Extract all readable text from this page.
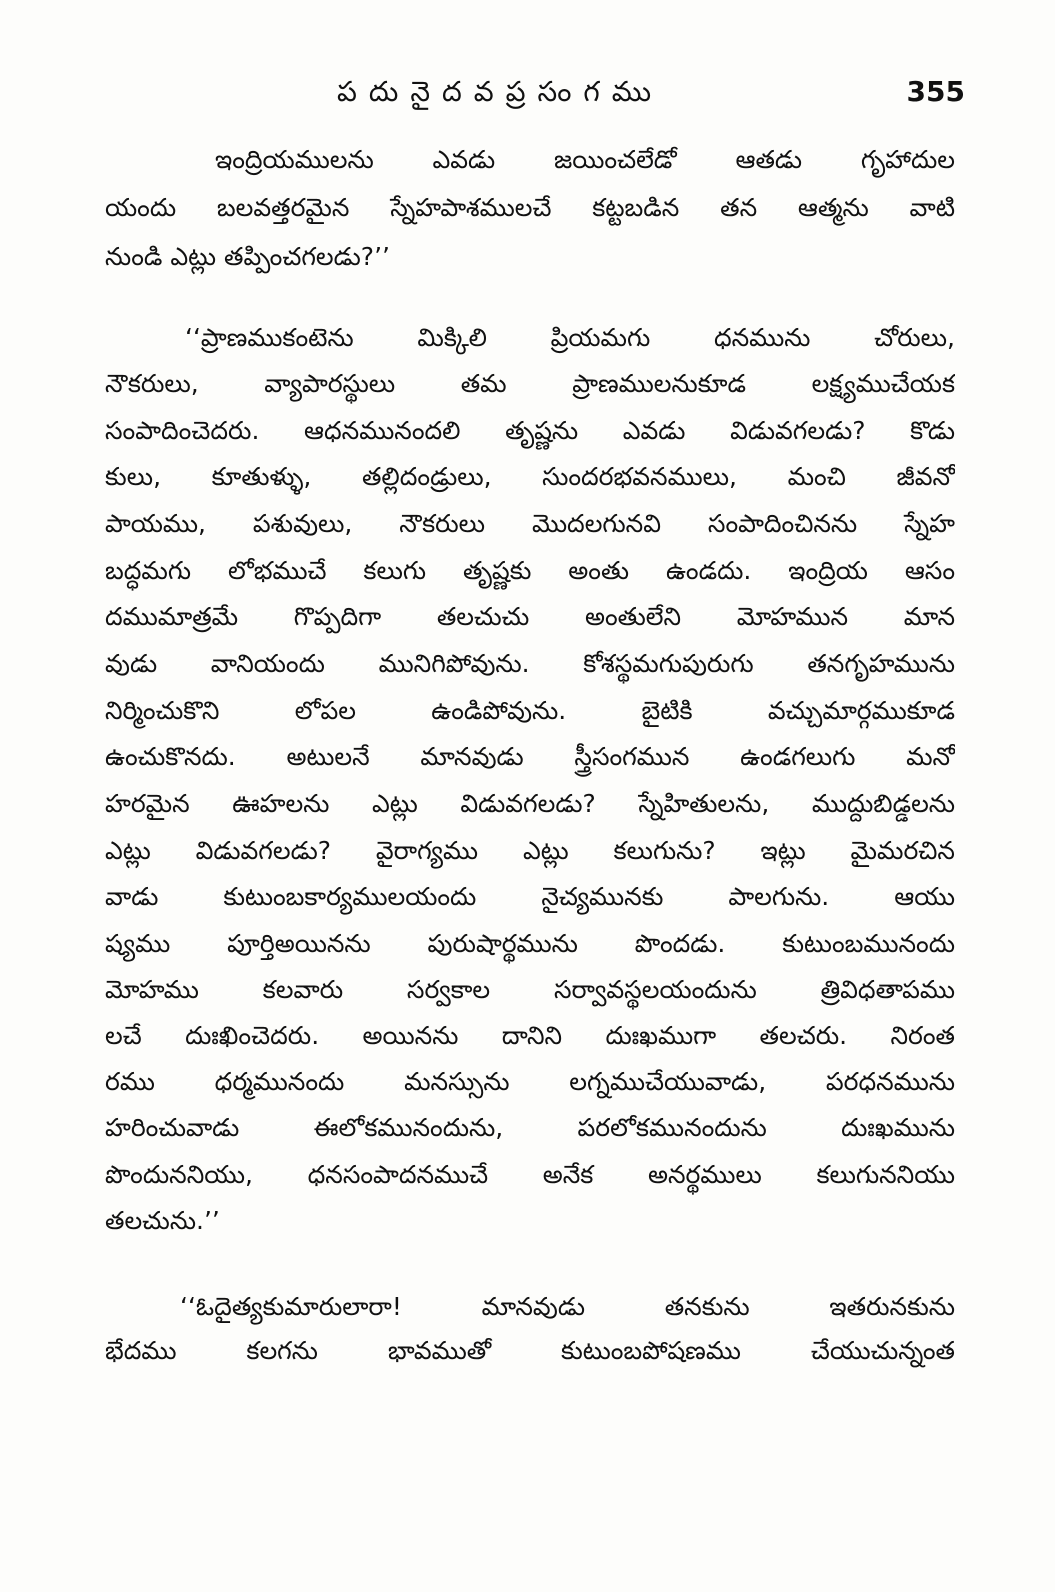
పదునైదవప్రసంగము	355
ఇంద్రియములను ఎవడు జయించలేడో ఆతడు గృహాదుల
యందు బలవత్తరమైన స్నేహపాశములచే కట్టబడిన తన ఆత్మను వాటి
నుండి ఎట్లు తప్పించగలడు?’’
‘‘ప్రాణముకంటెను మిక్కిలి ప్రియమగు ధనమును చోరులు,
నౌకరులు, వ్యాపారస్థులు తమ ప్రాణములనుకూడ లక్ష్యముచేయక
సంపాదించెదరు. ఆధనమునందలి తృష్ణను ఎవడు విడువగలడు? కొడు
కులు, కూతుళ్ళు, తల్లిదండ్రులు, సుందరభవనములు, మంచి జీవనో
పాయము, పశువులు, నౌకరులు మొదలగునవి సంపాదించినను స్నేహ
బద్ధమగు లోభముచే కలుగు తృష్ణకు అంతు ఉండదు. ఇంద్రియ ఆసం
దముమాత్రమే గొప్పదిగా తలచుచు అంతులేని మోహమున మాన
వుడు వానియందు మునిగిపోవును. కోశస్థమగుపురుగు తనగృహమును
నిర్మించుకొని లోపల ఉండిపోవును. బైటికి వచ్చుమార్గముకూడ
ఉంచుకొనదు. అటులనే మానవుడు స్త్రీసంగమున ఉండగలుగు మనో
హరమైన ఊహలను ఎట్లు విడువగలడు? స్నేహితులను, ముద్దుబిడ్డలను
ఎట్లు విడువగలడు? వైరాగ్యము ఎట్లు కలుగును? ఇట్లు మైమరచిన
వాడు కుటుంబకార్యములయందు నైచ్యమునకు పాలగును. ఆయు
ష్యము పూర్తిఅయినను పురుషార్థమును పొందడు. కుటుంబమునందు
మోహము కలవారు సర్వకాల సర్వావస్థలయందును త్రివిధతాపము
లచే దుఃఖించెదరు. అయినను దానిని దుఃఖముగా తలచరు. నిరంత
రము ధర్మమునందు మనస్సును లగ్నముచేయువాడు, పరధనమును
హరించువాడు ఈలోకమునందును, పరలోకమునందును దుఃఖమును
పొందుననియు, ధనసంపాదనముచే అనేక అనర్థములు కలుగుననియు
తలచును.’’
‘‘ఓదైత్యకుమారులారా! మానవుడు తనకును ఇతరునకును
భేదము కలగను భావముతో కుటుంబపోషణము చేయుచున్నంత
